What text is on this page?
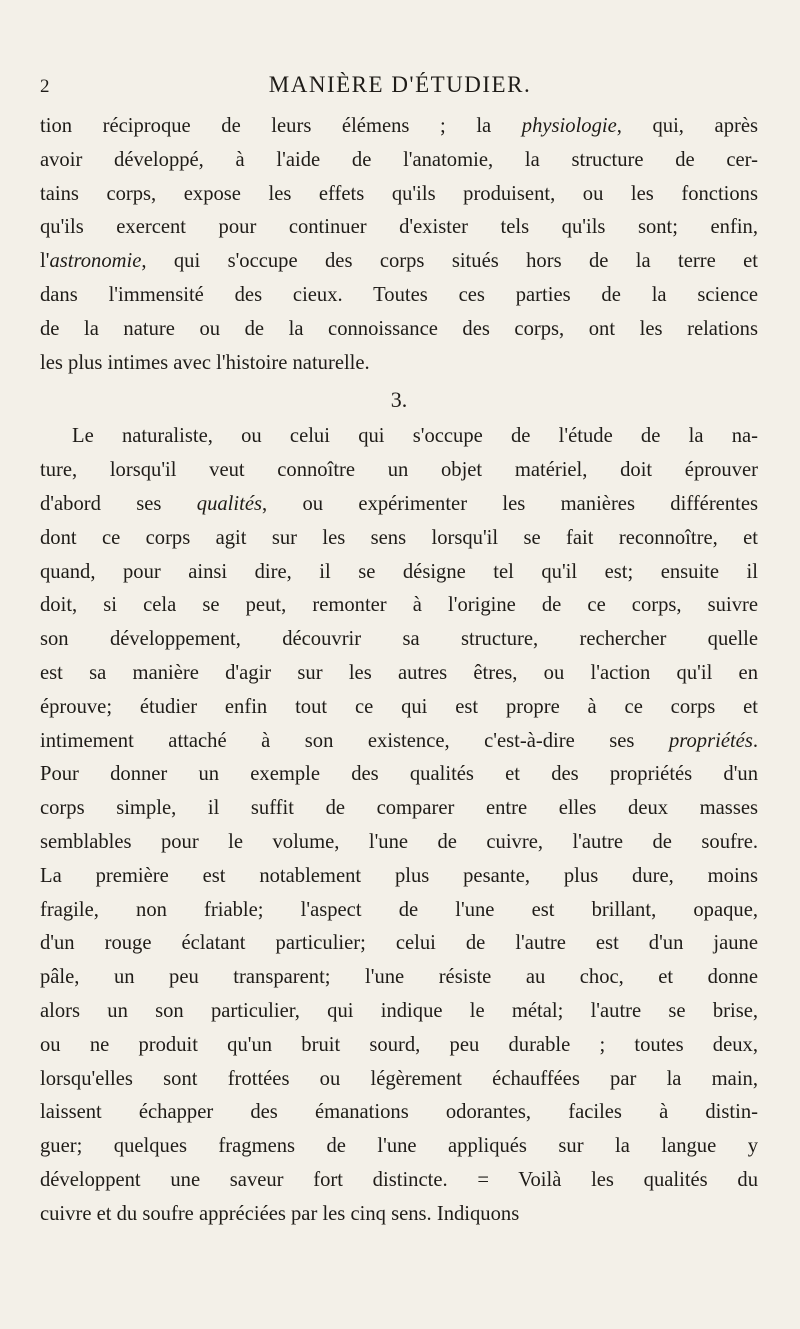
2	MANIÈRE D'ÉTUDIER.
tion réciproque de leurs élémens ; la physiologie, qui, après
avoir développé, à l'aide de l'anatomie, la structure de cer-
tains corps, expose les effets qu'ils produisent, ou les fonctions
qu'ils exercent pour continuer d'exister tels qu'ils sont; enfin,
l'astronomie, qui s'occupe des corps situés hors de la terre et
dans l'immensité des cieux. Toutes ces parties de la science
de la nature ou de la connoissance des corps, ont les relations
les plus intimes avec l'histoire naturelle.
3.
Le naturaliste, ou celui qui s'occupe de l'étude de la na-
ture, lorsqu'il veut connoître un objet matériel, doit éprouver
d'abord ses qualités, ou expérimenter les manières différentes
dont ce corps agit sur les sens lorsqu'il se fait reconnoître, et
quand, pour ainsi dire, il se désigne tel qu'il est; ensuite il
doit, si cela se peut, remonter à l'origine de ce corps, suivre
son développement, découvrir sa structure, rechercher quelle
est sa manière d'agir sur les autres êtres, ou l'action qu'il en
éprouve; étudier enfin tout ce qui est propre à ce corps et
intimement attaché à son existence, c'est-à-dire ses propriétés.
Pour donner un exemple des qualités et des propriétés d'un
corps simple, il suffit de comparer entre elles deux masses
semblables pour le volume, l'une de cuivre, l'autre de soufre.
La première est notablement plus pesante, plus dure, moins
fragile, non friable; l'aspect de l'une est brillant, opaque,
d'un rouge éclatant particulier; celui de l'autre est d'un jaune
pâle, un peu transparent; l'une résiste au choc, et donne
alors un son particulier, qui indique le métal; l'autre se brise,
ou ne produit qu'un bruit sourd, peu durable ; toutes deux,
lorsqu'elles sont frottées ou légèrement échauffées par la main,
laissent échapper des émanations odorantes, faciles à distin-
guer; quelques fragmens de l'une appliqués sur la langue y
développent une saveur fort distincte. = Voilà les qualités du
cuivre et du soufre appréciées par les cinq sens. Indiquons
